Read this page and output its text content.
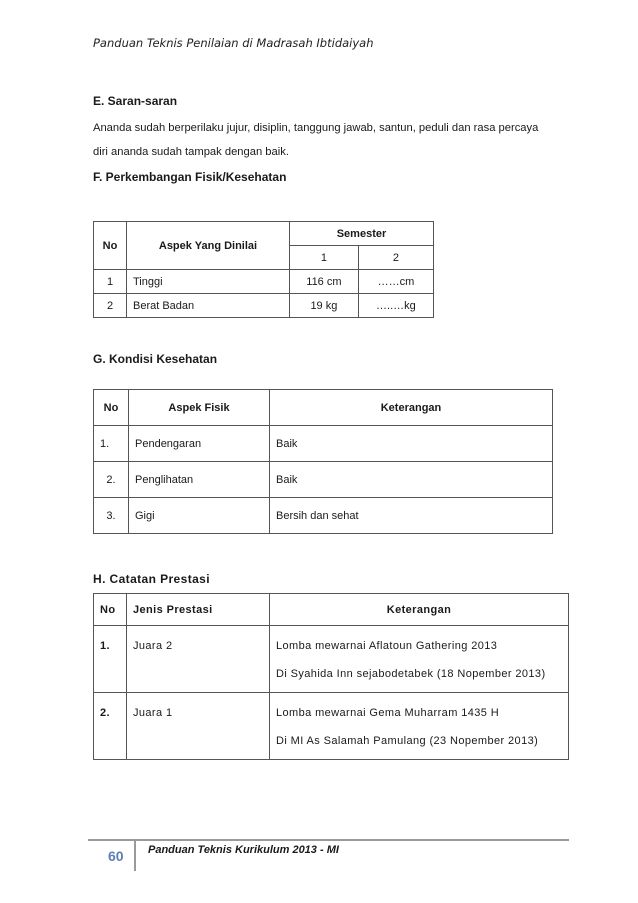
Panduan Teknis Penilaian di Madrasah Ibtidaiyah
E. Saran-saran
Ananda sudah berperilaku jujur, disiplin, tanggung jawab, santun, peduli dan rasa percaya
diri ananda sudah tampak dengan baik.
F. Perkembangan Fisik/Kesehatan
No	Aspek Yang Dinilai	Semester	
		1	2
1	Tinggi	116 cm	……cm
2	Berat Badan	19 kg	…..…kg
G. Kondisi Kesehatan
No	Aspek Fisik	Keterangan
1.	Pendengaran	Baik
2.	Penglihatan	Baik
3.	Gigi	Bersih dan sehat
H. Catatan Prestasi
No	Jenis Prestasi	Keterangan
1.	Juara 2	Lomba mewarnai Aflatoun Gathering 2013
Di Syahida Inn sejabodetabek (18 Nopember 2013)

2.	Juara 1	Lomba mewarnai Gema Muharram 1435 H
Di MI As Salamah Pamulang (23 Nopember 2013)
60 Panduan Teknis Kurikulum 2013 - MI
